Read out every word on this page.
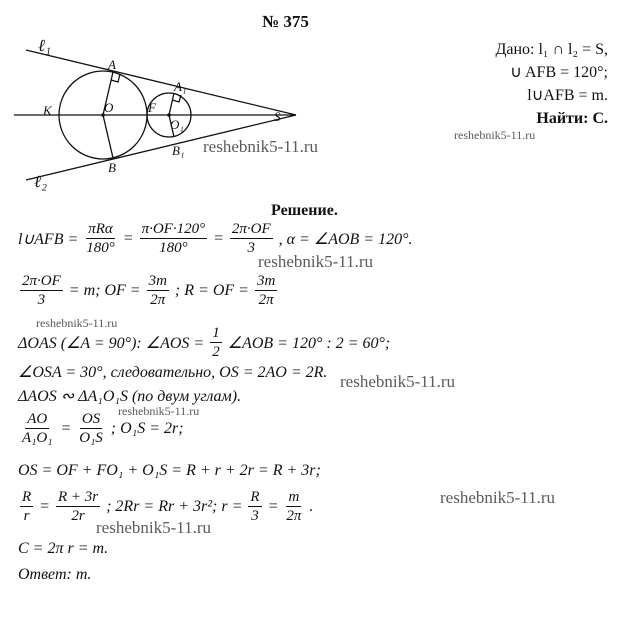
ℓ₁
ℓ₂
A
A₁
K	O	F
O₁
S
B
B₁
№ 375
Дано: l₁ ∩ l₂ = S,
∪ AFB = 120°;
l∪AFB = m.
Найти: C.
reshebnik5-11.ru
reshebnik5-11.ru
reshebnik5-11.ru
reshebnik5-11.ru
reshebnik5-11.ru
reshebnik5-11.ru
reshebnik5-11.ru
reshebnik5-11.ru
Решение.
l∪AFB = $\frac{\text{πRα}}{180^\circ} = \frac{\pi\cdot OF\cdot 120^\circ}{180^\circ} = \frac{2\pi\cdot OF}{3}$ , α = ∠AOB = 120°.
$\frac{2\pi\cdot OF}{3} = m$; OF = $\frac{3m}{2\pi}$ ; R = OF = $\frac{3m}{2\pi}$
ΔOAS (∠A = 90°): ∠AOS = $\frac{1}{2}$ ∠AOB = 120° : 2 = 60°;
∠OSA = 30°, следовательно, OS = 2AO = 2R.
ΔAOS ∾ ΔA₁O₁S (по двум углам).
$\frac{AO}{\text{A₁O₁}} = \frac{OS}{\text{O₁S}}$ ; O₁S = 2r;
OS = OF + FO₁ + O₁S = R + r + 2r = R + 3r;
$\frac{R}{r} = \frac{R + 3r}{2r}$ ; 2Rr = Rr + 3r²; $r = \frac{R}{3} = \frac{m}{2\pi}$ .
C = 2π r = m.
Ответ: m.
